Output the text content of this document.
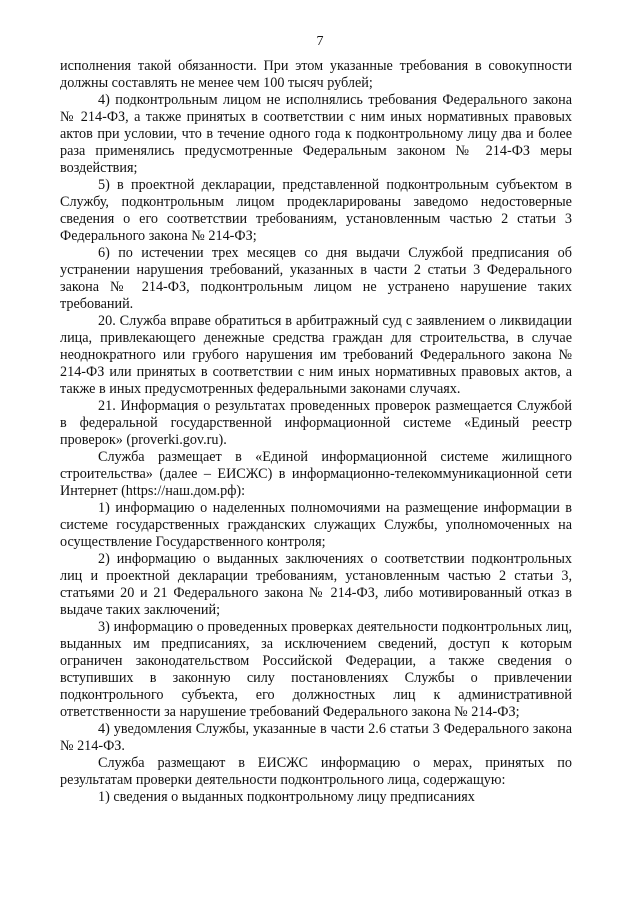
7

исполнения такой обязанности. При этом указанные требования в совокупности должны составлять не менее чем 100 тысяч рублей;

4) подконтрольным лицом не исполнялись требования Федерального закона № 214-ФЗ, а также принятых в соответствии с ним иных нормативных правовых актов при условии, что в течение одного года к подконтрольному лицу два и более раза применялись предусмотренные Федеральным законом № 214-ФЗ меры воздействия;

5) в проектной декларации, представленной подконтрольным субъектом в Службу, подконтрольным лицом продекларированы заведомо недостоверные сведения о его соответствии требованиям, установленным частью 2 статьи 3 Федерального закона № 214-ФЗ;

6) по истечении трех месяцев со дня выдачи Службой предписания об устранении нарушения требований, указанных в части 2 статьи 3 Федерального закона № 214-ФЗ, подконтрольным лицом не устранено нарушение таких требований.

20. Служба вправе обратиться в арбитражный суд с заявлением о ликвидации лица, привлекающего денежные средства граждан для строительства, в случае неоднократного или грубого нарушения им требований Федерального закона № 214-ФЗ или принятых в соответствии с ним иных нормативных правовых актов, а также в иных предусмотренных федеральными законами случаях.

21. Информация о результатах проведенных проверок размещается Службой в федеральной государственной информационной системе «Единый реестр проверок» (proverki.gov.ru).

Служба размещает в «Единой информационной системе жилищного строительства» (далее – ЕИСЖС) в информационно-телекоммуникационной сети Интернет (https://наш.дом.рф):

1) информацию о наделенных полномочиями на размещение информации в системе государственных гражданских служащих Службы, уполномоченных на осуществление Государственного контроля;

2) информацию о выданных заключениях о соответствии подконтрольных лиц и проектной декларации требованиям, установленным частью 2 статьи 3, статьями 20 и 21 Федерального закона № 214-ФЗ, либо мотивированный отказ в выдаче таких заключений;

3) информацию о проведенных проверках деятельности подконтрольных лиц, выданных им предписаниях, за исключением сведений, доступ к которым ограничен законодательством Российской Федерации, а также сведения о вступивших в законную силу постановлениях Службы о привлечении подконтрольного субъекта, его должностных лиц к административной ответственности за нарушение требований Федерального закона № 214-ФЗ;

4) уведомления Службы, указанные в части 2.6 статьи 3 Федерального закона № 214-ФЗ.

Служба размещают в ЕИСЖС информацию о мерах, принятых по результатам проверки деятельности подконтрольного лица, содержащую:

1) сведения о выданных подконтрольному лицу предписаниях
